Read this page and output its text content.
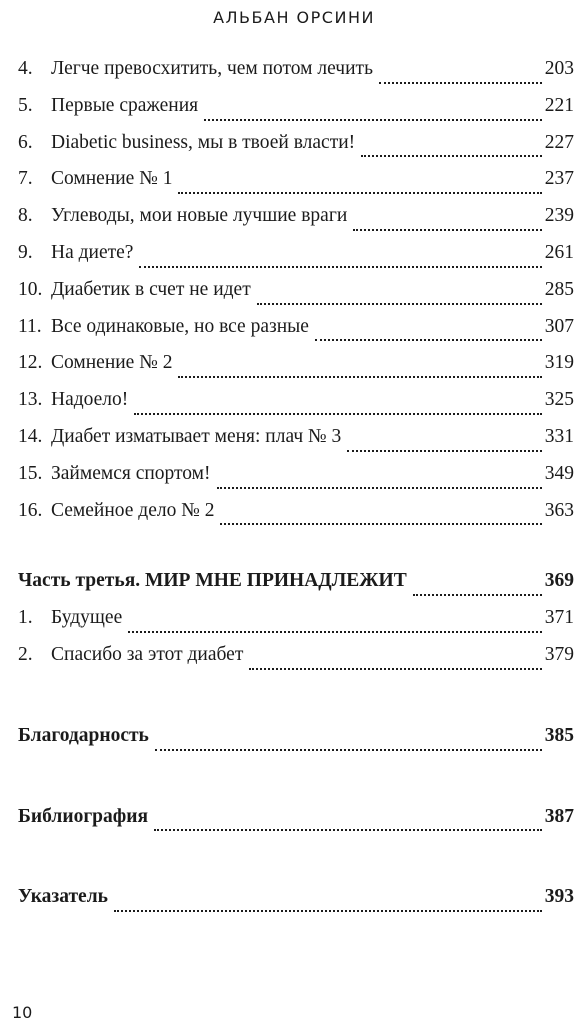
АЛЬБАН ОРСИНИ
4. Легче превосхитить, чем потом лечить	203
5. Первые сражения	221
6. Diabetic business, мы в твоей власти!	227
7. Сомнение № 1	237
8. Углеводы, мои новые лучшие враги	239
9. На диете?	261
10. Диабетик в счет не идет	285
11. Все одинаковые, но все разные	307
12. Сомнение № 2	319
13. Надоело!	325
14. Диабет изматывает меня: плач № 3	331
15. Займемся спортом!	349
16. Семейное дело № 2	363
Часть третья. МИР МНЕ ПРИНАДЛЕЖИТ	369
1. Будущее	371
2. Спасибо за этот диабет	379
Благодарность	385
Библиография	387
Указатель	393
10
